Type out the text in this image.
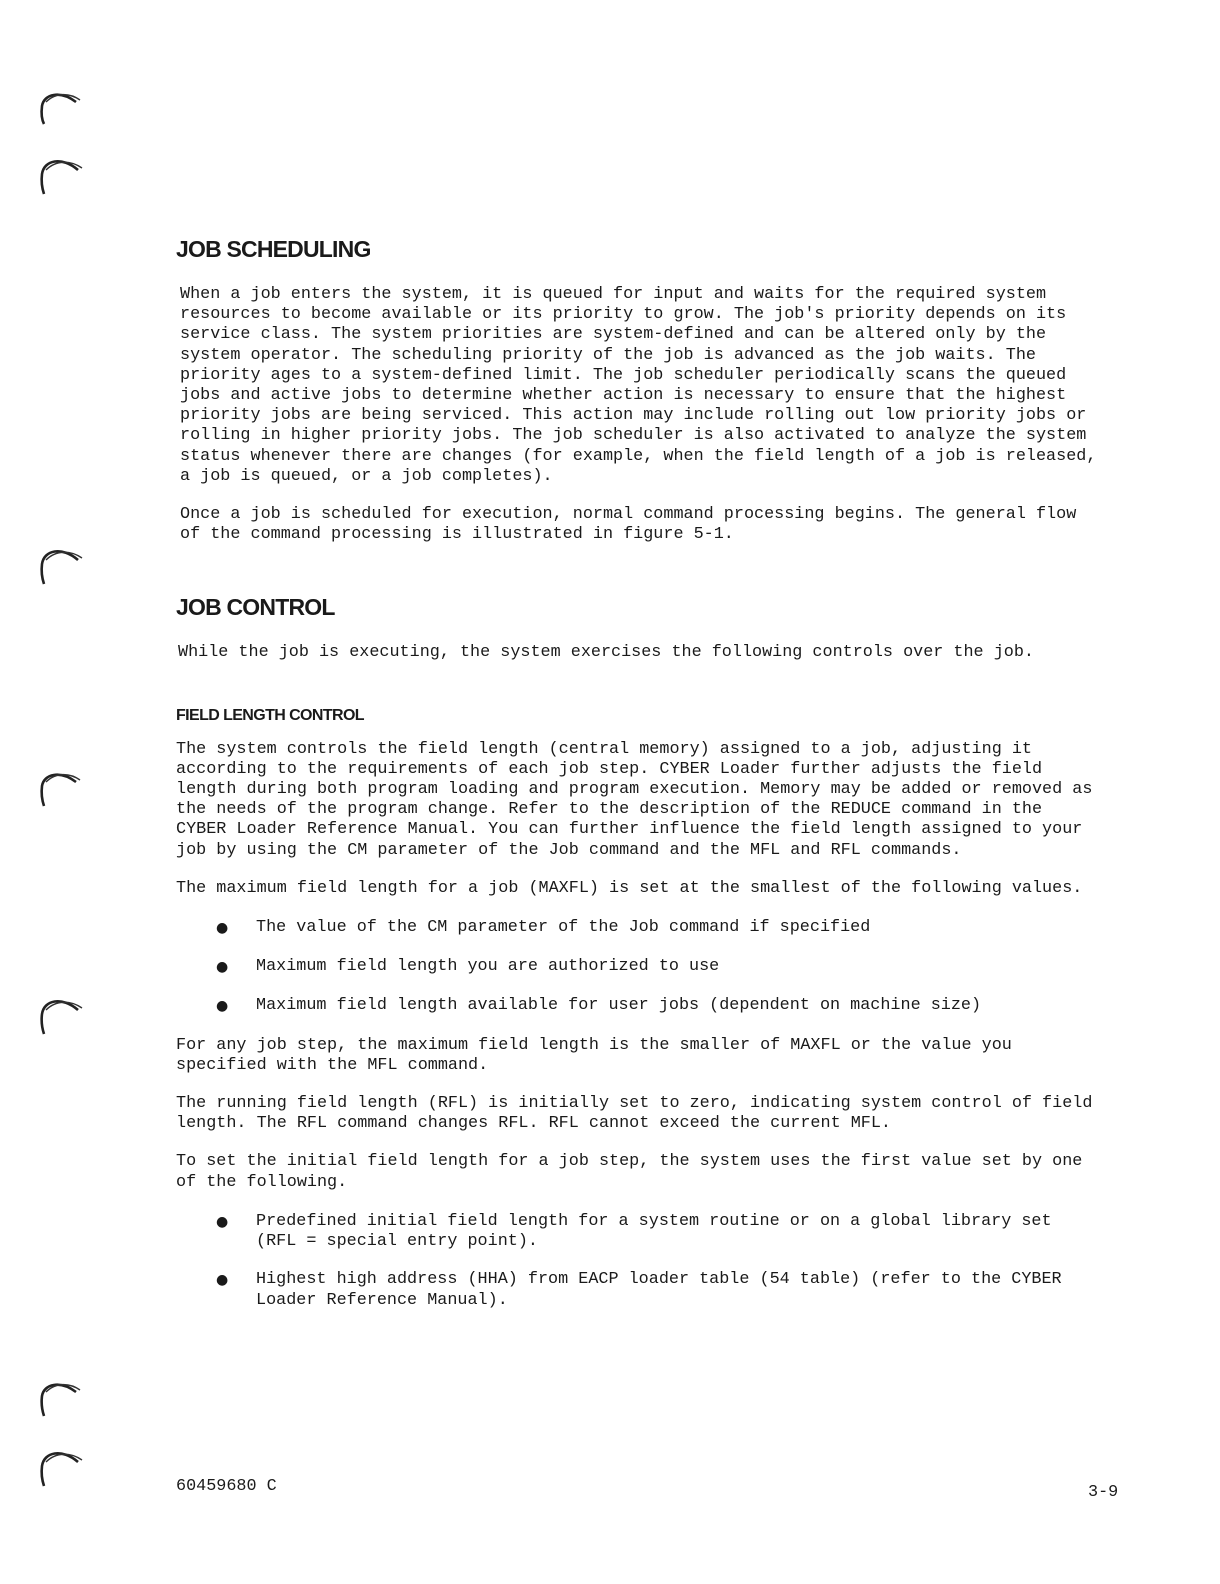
JOB SCHEDULING

When a job enters the system, it is queued for input and waits for the required system
resources to become available or its priority to grow. The job's priority depends on its
service class. The system priorities are system-defined and can be altered only by the
system operator. The scheduling priority of the job is advanced as the job waits. The
priority ages to a system-defined limit. The job scheduler periodically scans the queued
jobs and active jobs to determine whether action is necessary to ensure that the highest
priority jobs are being serviced. This action may include rolling out low priority jobs or
rolling in higher priority jobs. The job scheduler is also activated to analyze the system
status whenever there are changes (for example, when the field length of a job is released,
a job is queued, or a job completes).

Once a job is scheduled for execution, normal command processing begins. The general flow
of the command processing is illustrated in figure 5-1.

JOB CONTROL

While the job is executing, the system exercises the following controls over the job.

FIELD LENGTH CONTROL

The system controls the field length (central memory) assigned to a job, adjusting it
according to the requirements of each job step. CYBER Loader further adjusts the field
length during both program loading and program execution. Memory may be added or removed as
the needs of the program change. Refer to the description of the REDUCE command in the
CYBER Loader Reference Manual. You can further influence the field length assigned to your
job by using the CM parameter of the Job command and the MFL and RFL commands.

The maximum field length for a job (MAXFL) is set at the smallest of the following values.

● The value of the CM parameter of the Job command if specified
● Maximum field length you are authorized to use
● Maximum field length available for user jobs (dependent on machine size)

For any job step, the maximum field length is the smaller of MAXFL or the value you
specified with the MFL command.

The running field length (RFL) is initially set to zero, indicating system control of field
length. The RFL command changes RFL. RFL cannot exceed the current MFL.

To set the initial field length for a job step, the system uses the first value set by one
of the following.

● Predefined initial field length for a system routine or on a global library set
(RFL = special entry point).
● Highest high address (HHA) from EACP loader table (54 table) (refer to the CYBER
Loader Reference Manual).
60459680 C	3-9
